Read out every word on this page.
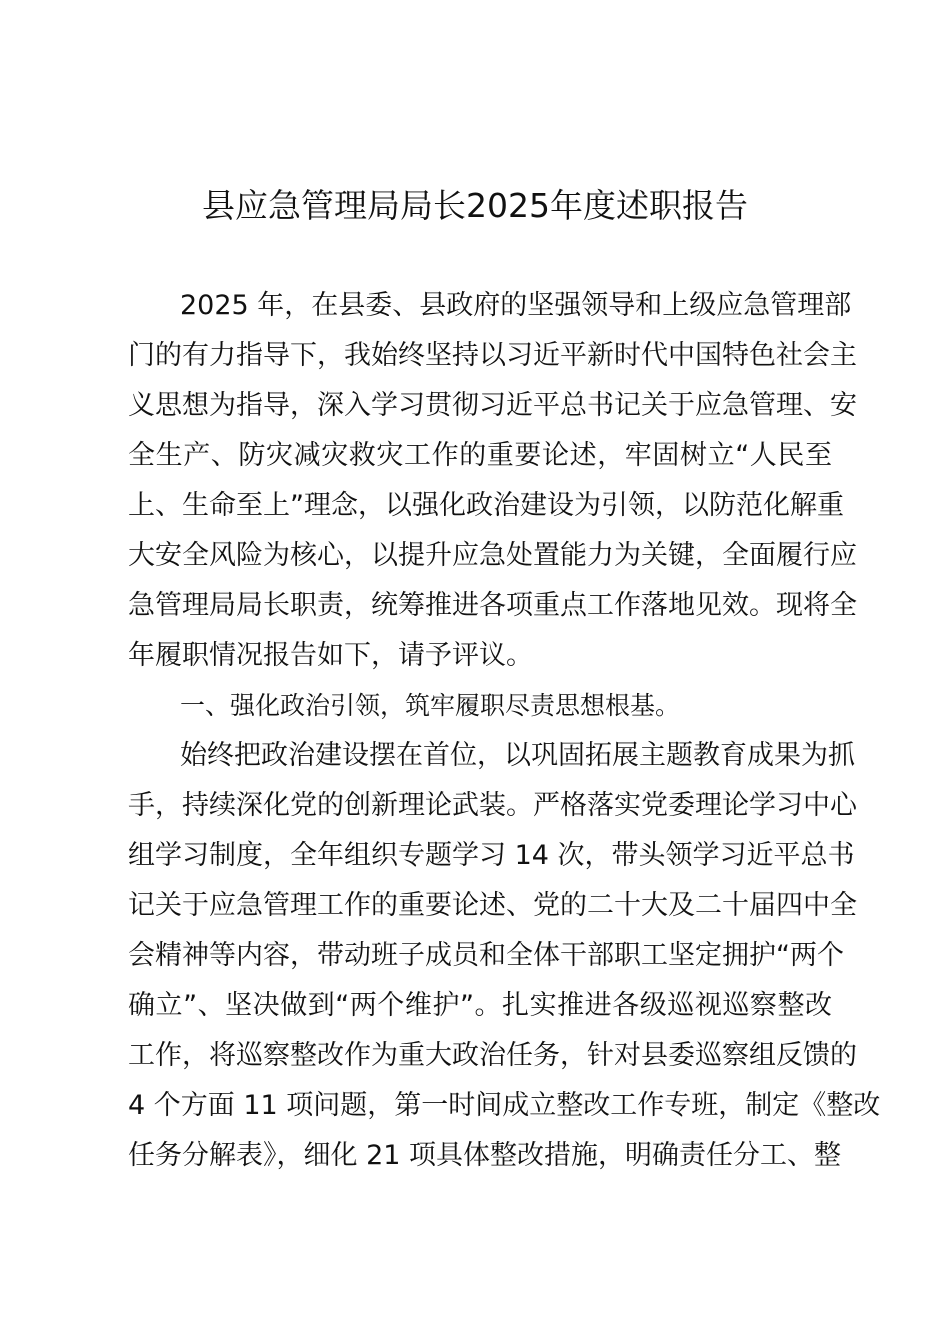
县应急管理局局长2025年度述职报告
2025 年，在县委、县政府的坚强领导和上级应急管理部
门的有力指导下，我始终坚持以习近平新时代中国特色社会主
义思想为指导，深入学习贯彻习近平总书记关于应急管理、安
全生产、防灾减灾救灾工作的重要论述，牢固树立“人民至
上、生命至上”理念，以强化政治建设为引领，以防范化解重
大安全风险为核心，以提升应急处置能力为关键，全面履行应
急管理局局长职责，统筹推进各项重点工作落地见效。现将全
年履职情况报告如下，请予评议。
一、强化政治引领，筑牢履职尽责思想根基。
始终把政治建设摆在首位，以巩固拓展主题教育成果为抓
手，持续深化党的创新理论武装。严格落实党委理论学习中心
组学习制度，全年组织专题学习 14 次，带头领学习近平总书
记关于应急管理工作的重要论述、党的二十大及二十届四中全
会精神等内容，带动班子成员和全体干部职工坚定拥护“两个
确立”、坚决做到“两个维护”。扎实推进各级巡视巡察整改
工作，将巡察整改作为重大政治任务，针对县委巡察组反馈的
4 个方面 11 项问题，第一时间成立整改工作专班，制定《整改
任务分解表》，细化 21 项具体整改措施，明确责任分工、整
